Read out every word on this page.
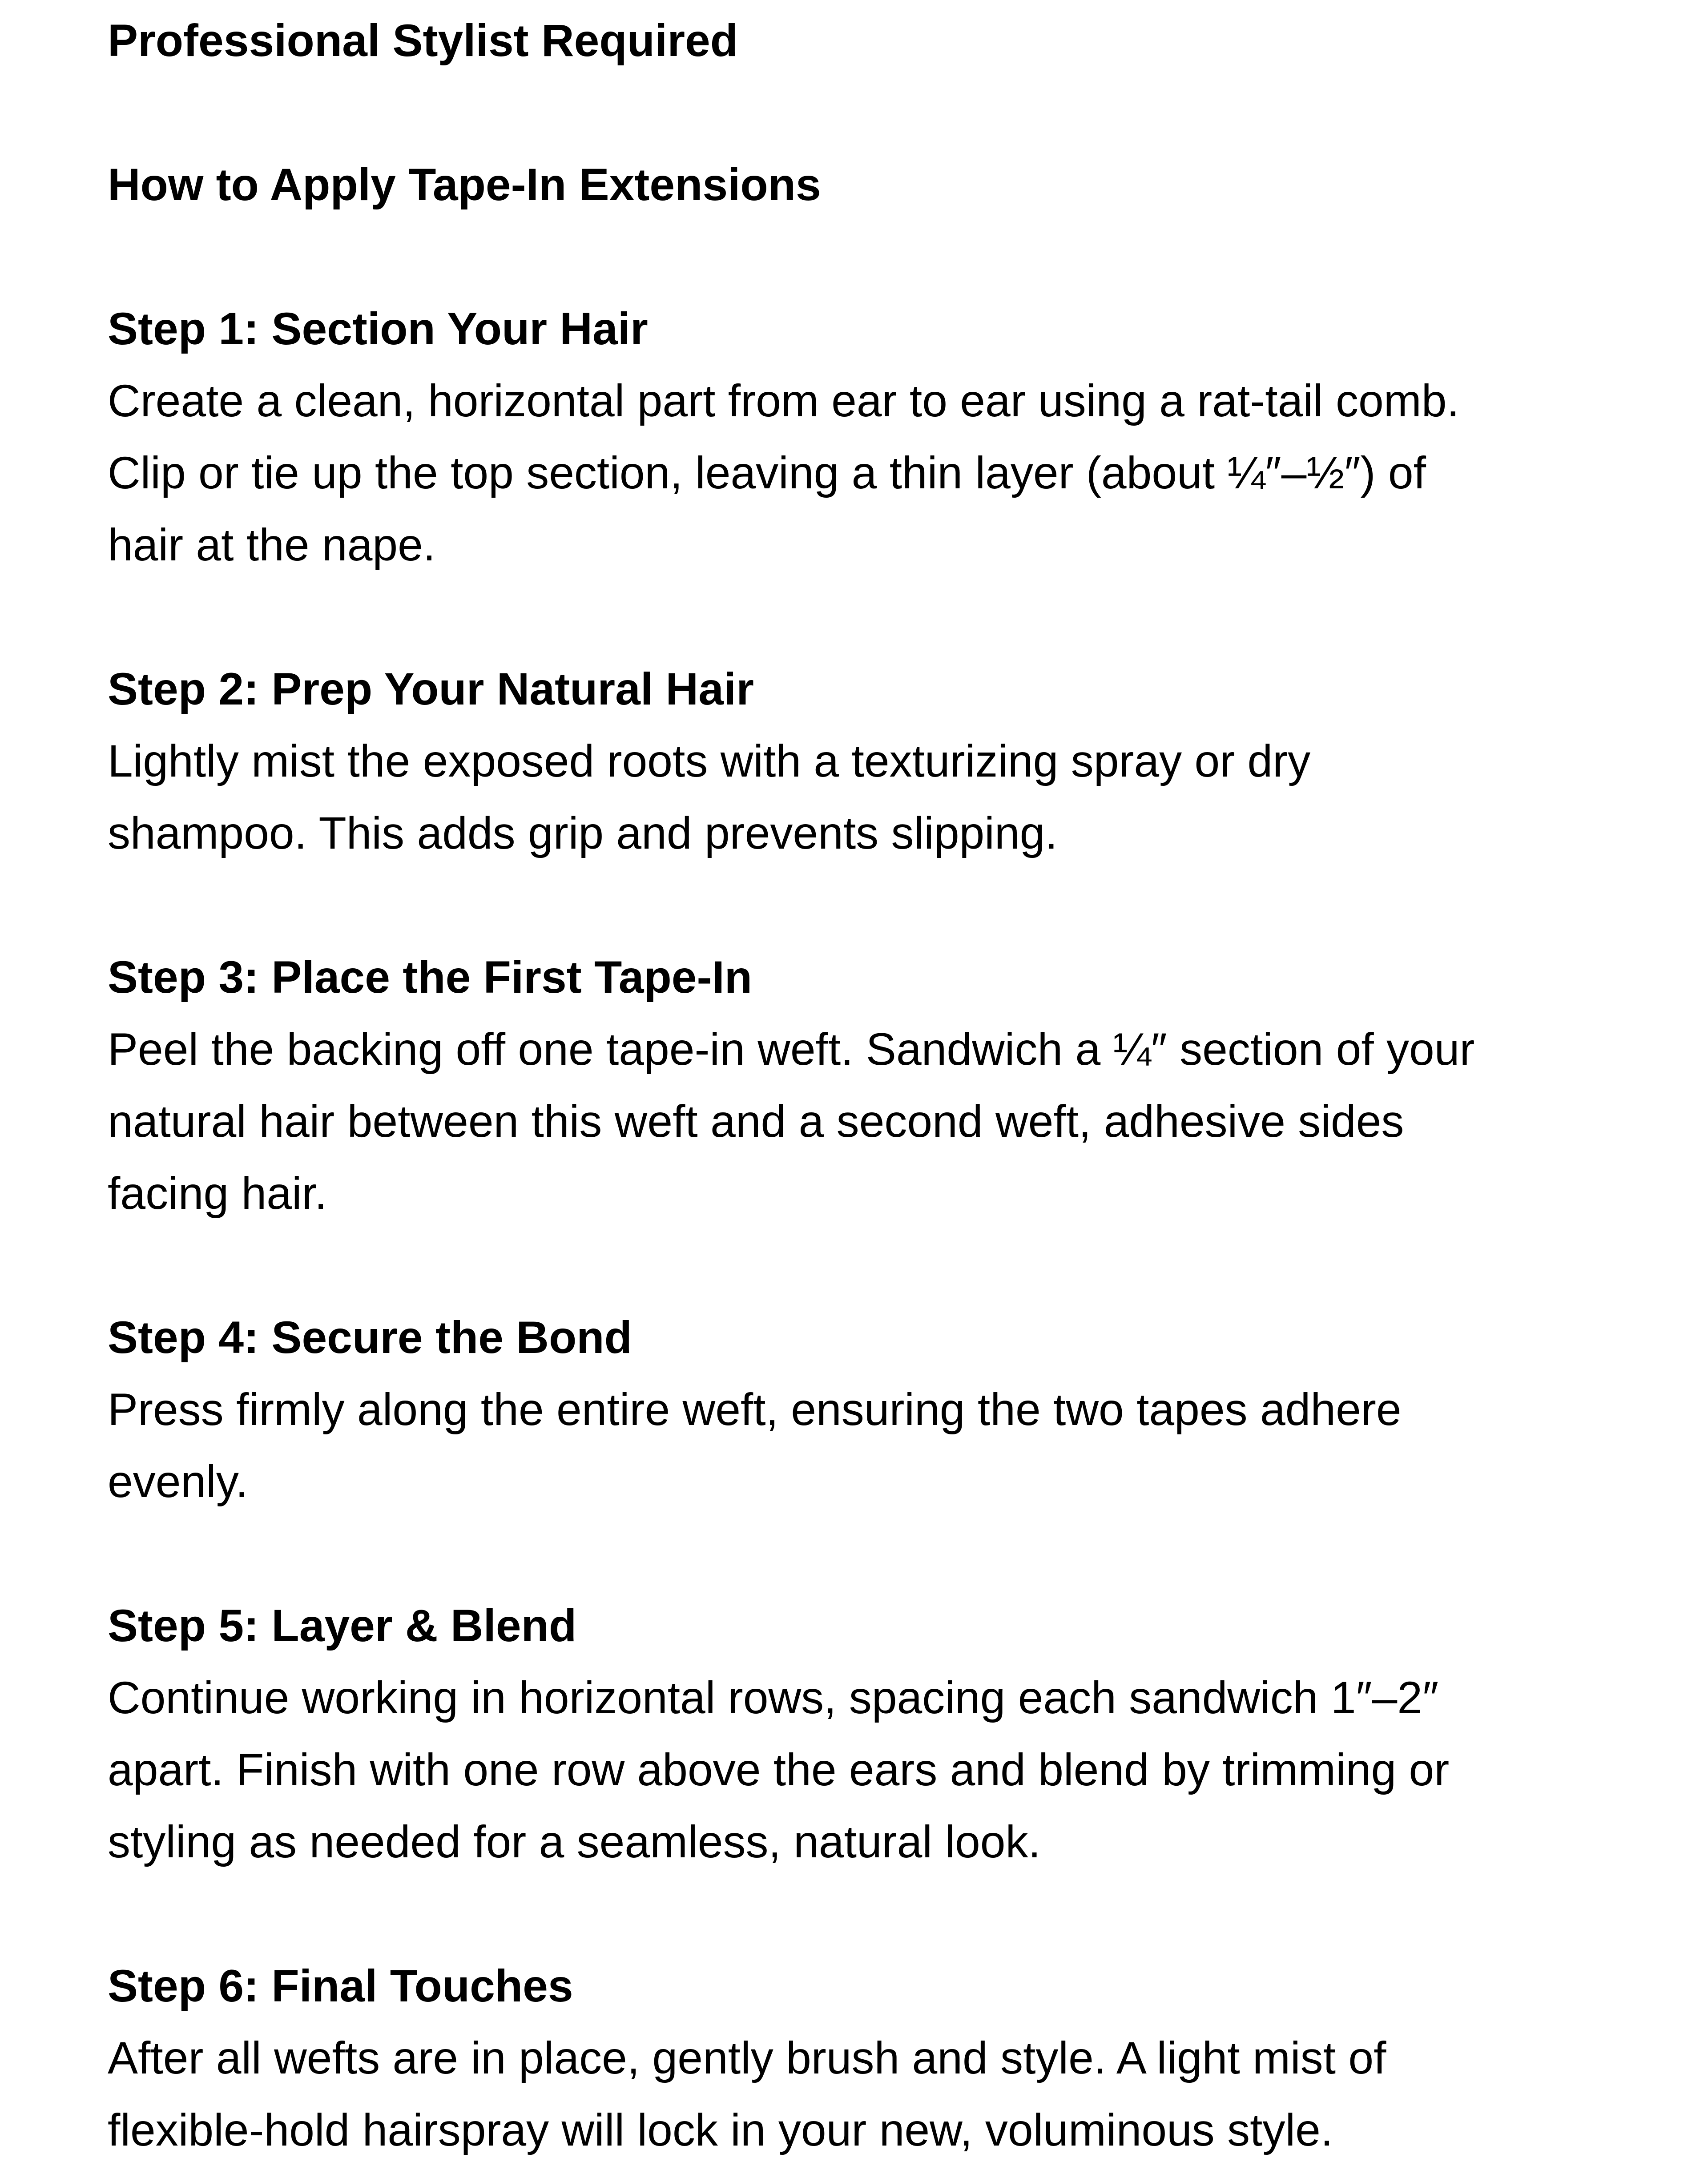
Professional Stylist Required

How to Apply Tape-In Extensions

Step 1: Section Your Hair

Create a clean, horizontal part from ear to ear using a rat-tail comb.

Clip or tie up the top section, leaving a thin layer (about ¼″–½″) of

hair at the nape.

Step 2: Prep Your Natural Hair

Lightly mist the exposed roots with a texturizing spray or dry

shampoo. This adds grip and prevents slipping.

Step 3: Place the First Tape-In

Peel the backing off one tape-in weft. Sandwich a ¼″ section of your

natural hair between this weft and a second weft, adhesive sides

facing hair.

Step 4: Secure the Bond

Press firmly along the entire weft, ensuring the two tapes adhere

evenly.

Step 5: Layer & Blend

Continue working in horizontal rows, spacing each sandwich 1″–2″

apart. Finish with one row above the ears and blend by trimming or

styling as needed for a seamless, natural look.

Step 6: Final Touches

After all wefts are in place, gently brush and style. A light mist of

flexible-hold hairspray will lock in your new, voluminous style.
